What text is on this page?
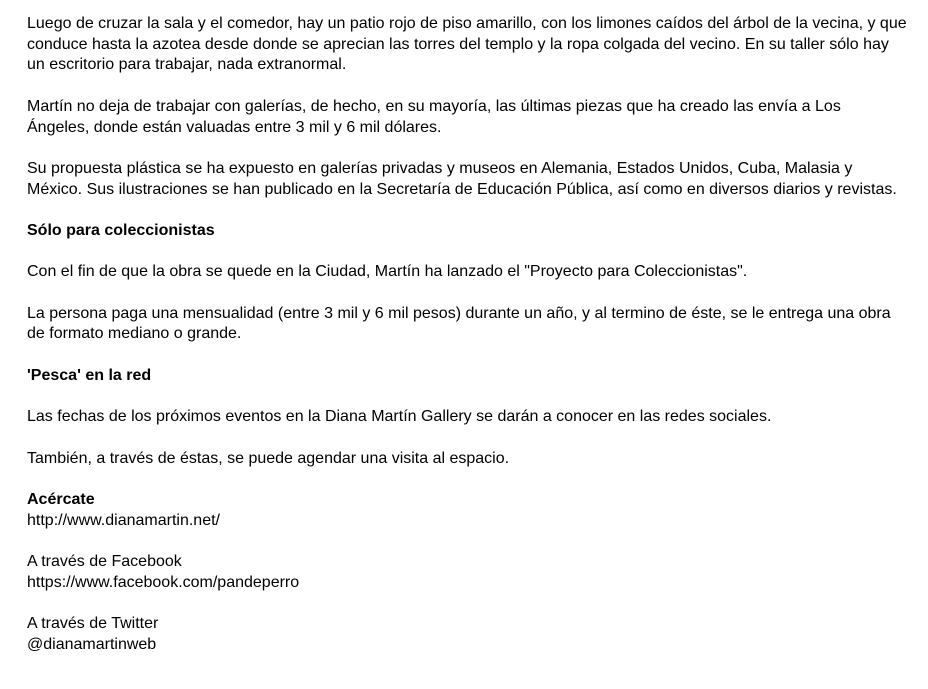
Luego de cruzar la sala y el comedor, hay un patio rojo de piso amarillo, con los limones caídos del árbol de la vecina, y que conduce hasta la azotea desde donde se aprecian las torres del templo y la ropa colgada del vecino. En su taller sólo hay un escritorio para trabajar, nada extranormal.

Martín no deja de trabajar con galerías, de hecho, en su mayoría, las últimas piezas que ha creado las envía a Los Ángeles, donde están valuadas entre 3 mil y 6 mil dólares.

Su propuesta plástica se ha expuesto en galerías privadas y museos en Alemania, Estados Unidos, Cuba, Malasia y México. Sus ilustraciones se han publicado en la Secretaría de Educación Pública, así como en diversos diarios y revistas.

Sólo para coleccionistas

Con el fin de que la obra se quede en la Ciudad, Martín ha lanzado el "Proyecto para Coleccionistas".

La persona paga una mensualidad (entre 3 mil y 6 mil pesos) durante un año, y al termino de éste, se le entrega una obra de formato mediano o grande.

'Pesca' en la red

Las fechas de los próximos eventos en la Diana Martín Gallery se darán a conocer en las redes sociales.

También, a través de éstas, se puede agendar una visita al espacio.

Acércate
http://www.dianamartin.net/
A través de Facebook
https://www.facebook.com/pandeperro
A través de Twitter
@dianamartinweb
